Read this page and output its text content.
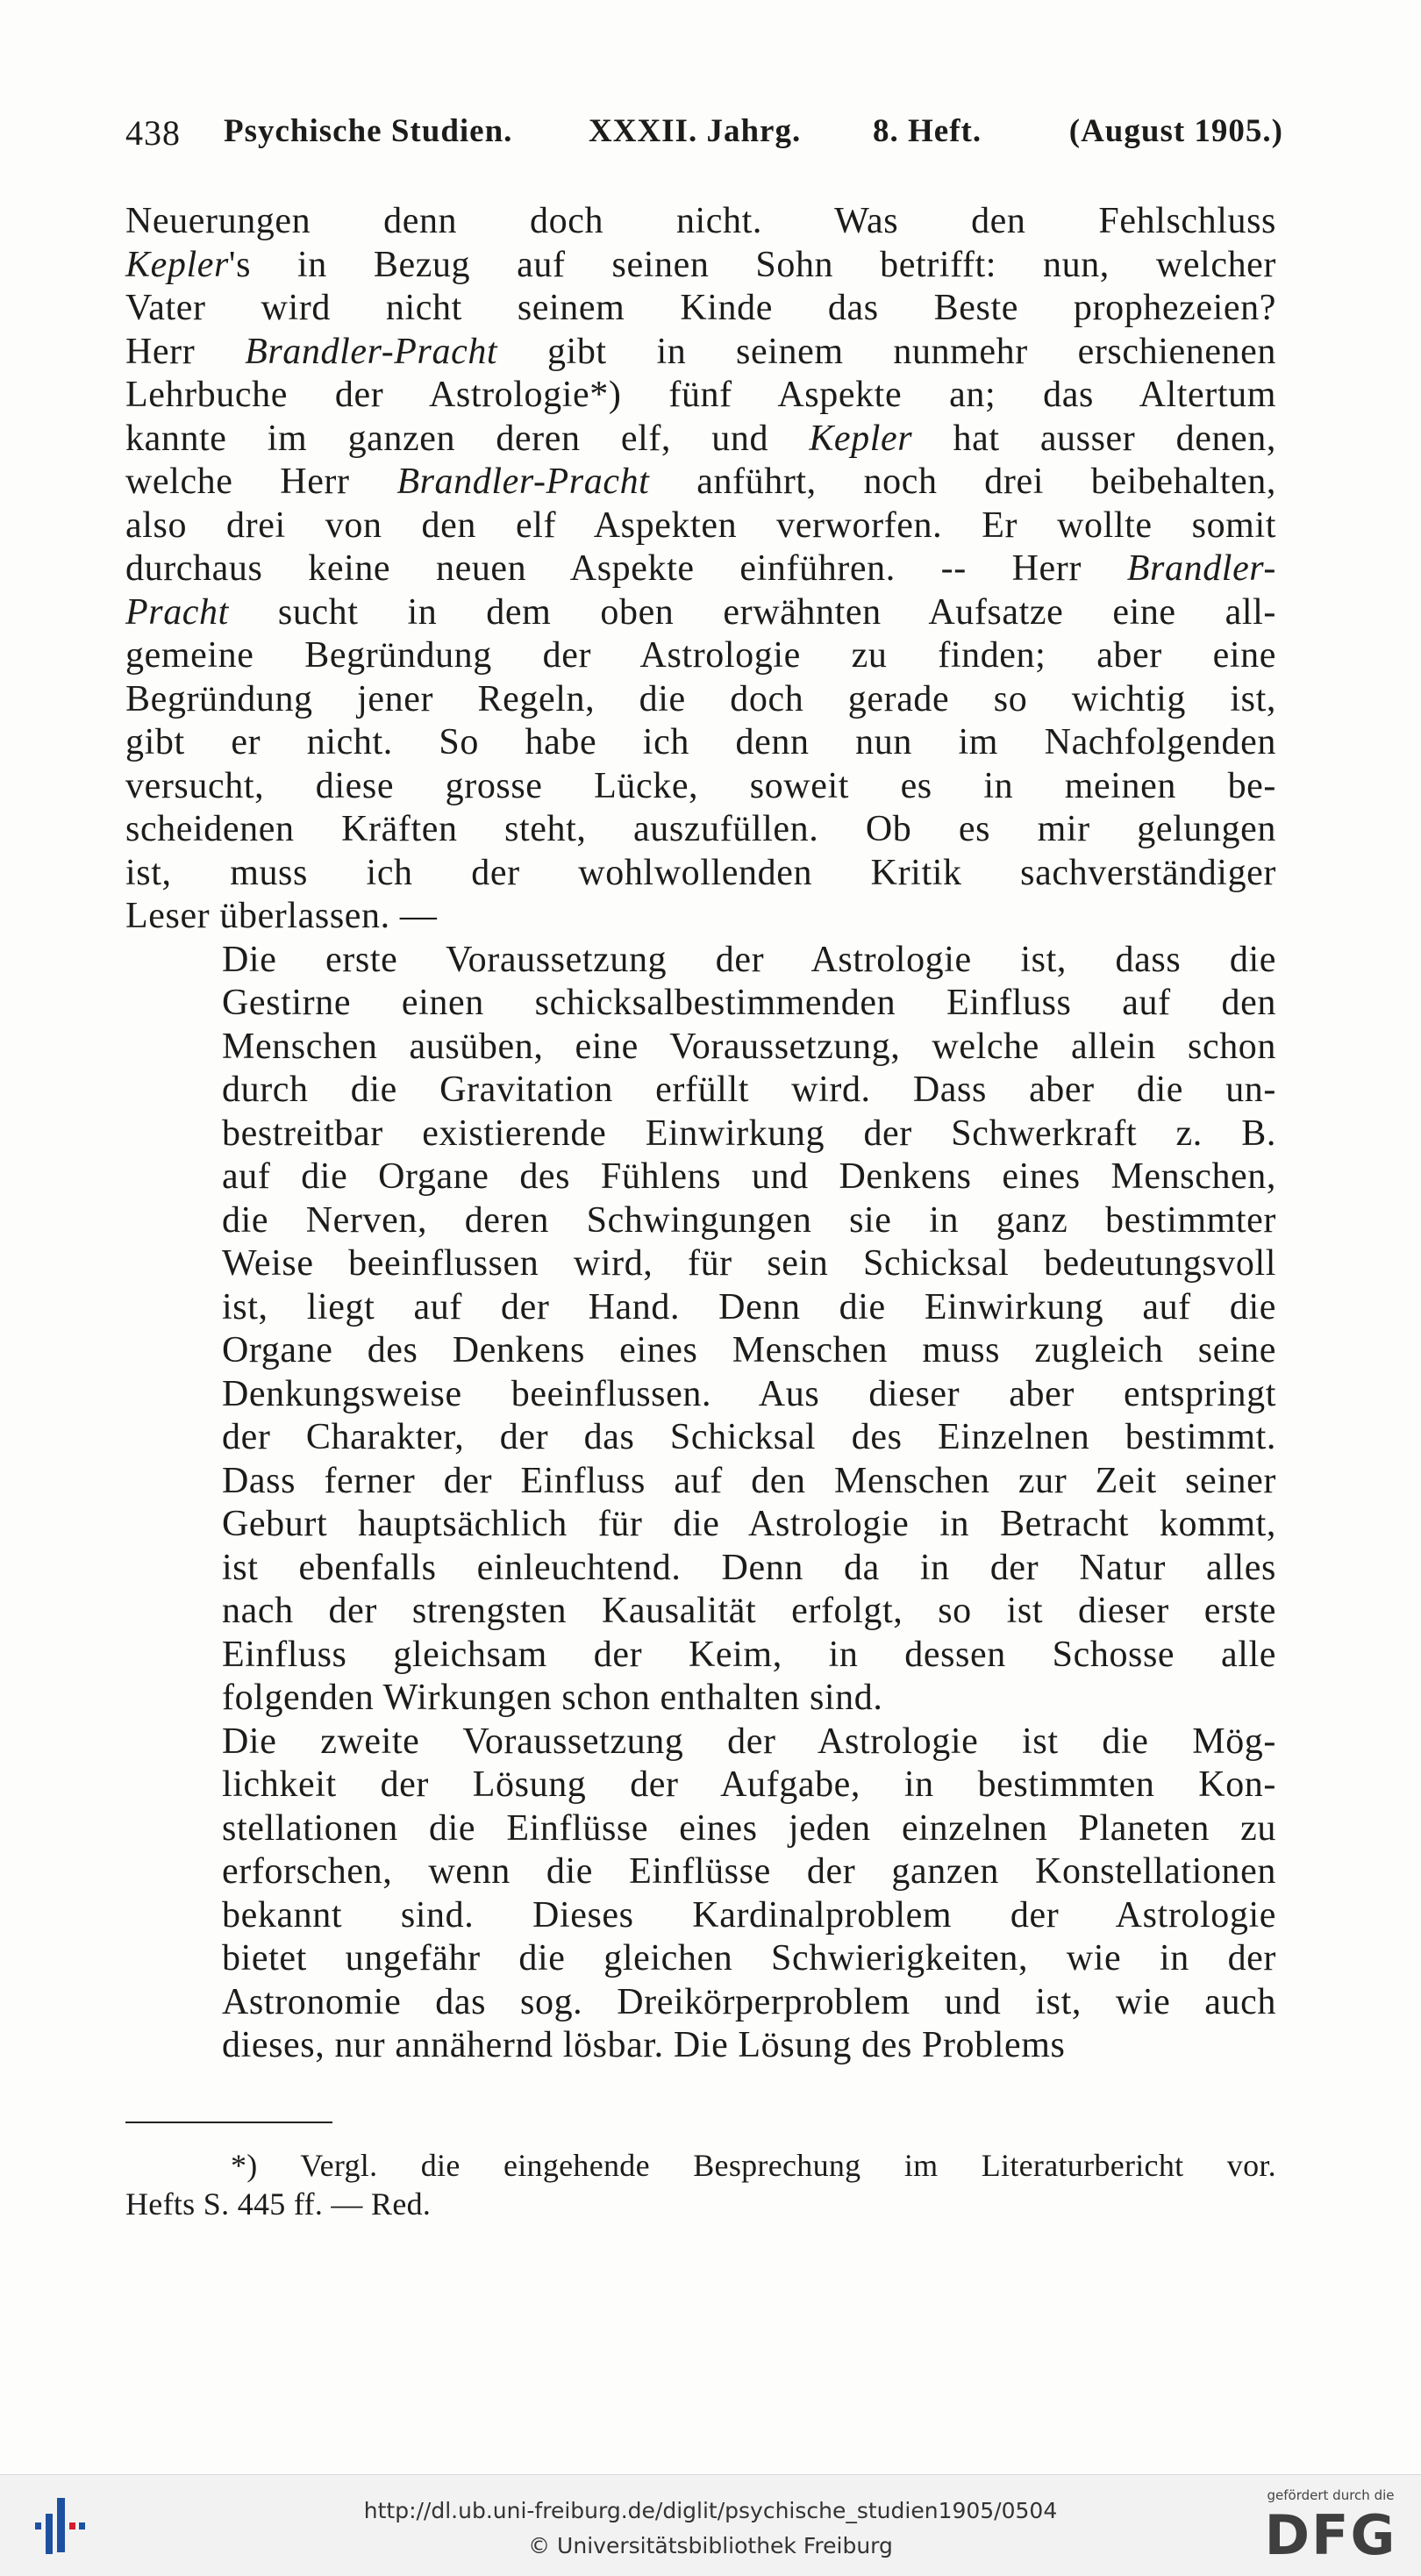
438 Psychische Studien. XXXII. Jahrg. 8. Heft.	(August 1905.)
Neuerungen denn doch nicht. Was den Fehlschluss
Kepler's in Bezug auf seinen Sohn betrifft: nun, welcher
Vater wird nicht seinem Kinde das Beste prophezeien?
Herr Brandler-Pracht gibt in seinem nunmehr erschienenen
Lehrbuche der Astrologie*) fünf Aspekte an; das Altertum
kannte im ganzen deren elf, und Kepler hat ausser denen,
welche Herr Brandler-Pracht anführt, noch drei beibehalten,
also drei von den elf Aspekten verworfen. Er wollte somit
durchaus keine neuen Aspekte einführen. -- Herr Brandler-
Pracht sucht in dem oben erwähnten Aufsatze eine all-
gemeine Begründung der Astrologie zu finden; aber eine
Begründung jener Regeln, die doch gerade so wichtig ist,
gibt er nicht. So habe ich denn nun im Nachfolgenden
versucht, diese grosse Lücke, soweit es in meinen be-
scheidenen Kräften steht, auszufüllen. Ob es mir gelungen
ist, muss ich der wohlwollenden Kritik sachverständiger
Leser überlassen. —
Die erste Voraussetzung der Astrologie ist, dass die
Gestirne einen schicksalbestimmenden Einfluss auf den
Menschen ausüben, eine Voraussetzung, welche allein schon
durch die Gravitation erfüllt wird. Dass aber die un-
bestreitbar existierende Einwirkung der Schwerkraft z. B.
auf die Organe des Fühlens und Denkens eines Menschen,
die Nerven, deren Schwingungen sie in ganz bestimmter
Weise beeinflussen wird, für sein Schicksal bedeutungsvoll
ist, liegt auf der Hand. Denn die Einwirkung auf die
Organe des Denkens eines Menschen muss zugleich seine
Denkungsweise beeinflussen. Aus dieser aber entspringt
der Charakter, der das Schicksal des Einzelnen bestimmt.
Dass ferner der Einfluss auf den Menschen zur Zeit seiner
Geburt hauptsächlich für die Astrologie in Betracht kommt,
ist ebenfalls einleuchtend. Denn da in der Natur alles
nach der strengsten Kausalität erfolgt, so ist dieser erste
Einfluss gleichsam der Keim, in dessen Schosse alle
folgenden Wirkungen schon enthalten sind.
Die zweite Voraussetzung der Astrologie ist die Mög-
lichkeit der Lösung der Aufgabe, in bestimmten Kon-
stellationen die Einflüsse eines jeden einzelnen Planeten zu
erforschen, wenn die Einflüsse der ganzen Konstellationen
bekannt sind. Dieses Kardinalproblem der Astrologie
bietet ungefähr die gleichen Schwierigkeiten, wie in der
Astronomie das sog. Dreikörperproblem und ist, wie auch
dieses, nur annähernd lösbar. Die Lösung des Problems
*) Vergl. die eingehende Besprechung im Literaturbericht vor.
Hefts S. 445 ff. — Red.
http://dl.ub.uni-freiburg.de/diglit/psychische_studien1905/0504
© Universitätsbibliothek Freiburg
gefördert durch die
DFG
